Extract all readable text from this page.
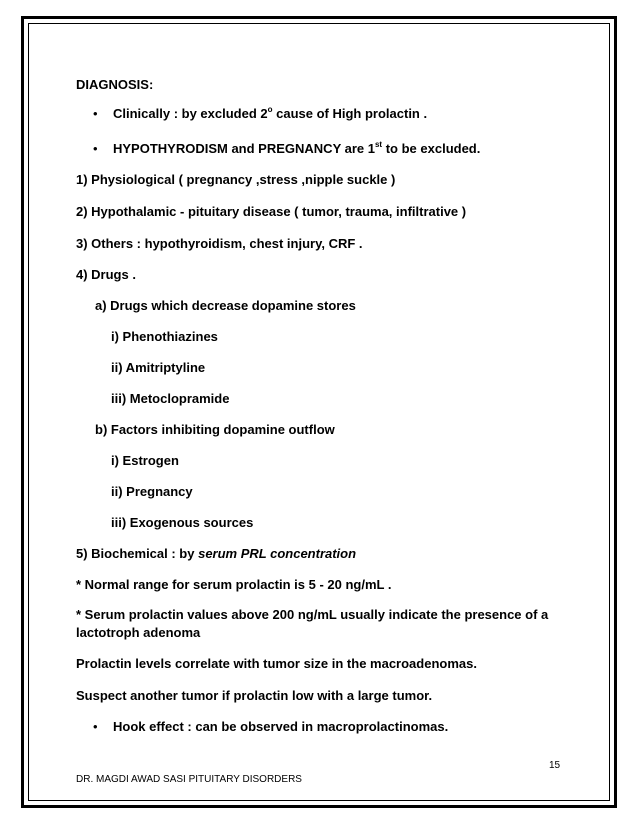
DIAGNOSIS:
• Clinically : by excluded 2$^o$ cause of High prolactin .
• HYPOTHYRODISM and PREGNANCY are 1st to be excluded.
1) Physiological ( pregnancy ,stress ,nipple suckle )
2) Hypothalamic - pituitary disease ( tumor, trauma, infiltrative )
3) Others : hypothyroidism, chest injury, CRF .
4) Drugs .
a) Drugs which decrease dopamine stores
i) Phenothiazines
ii) Amitriptyline
iii) Metoclopramide
b) Factors inhibiting dopamine outflow
i) Estrogen
ii) Pregnancy
iii) Exogenous sources
5) Biochemical : by serum PRL concentration
* Normal range for serum prolactin is 5 - 20 ng/mL .
* Serum prolactin values above 200 ng/mL usually indicate the presence of a
lactotroph adenoma
Prolactin levels correlate with tumor size in the macroadenomas.
Suspect another tumor if prolactin low with a large tumor.
• Hook effect : can be observed in macroprolactinomas.
15
DR. MAGDI AWAD SASI PITUITARY DISORDERS
